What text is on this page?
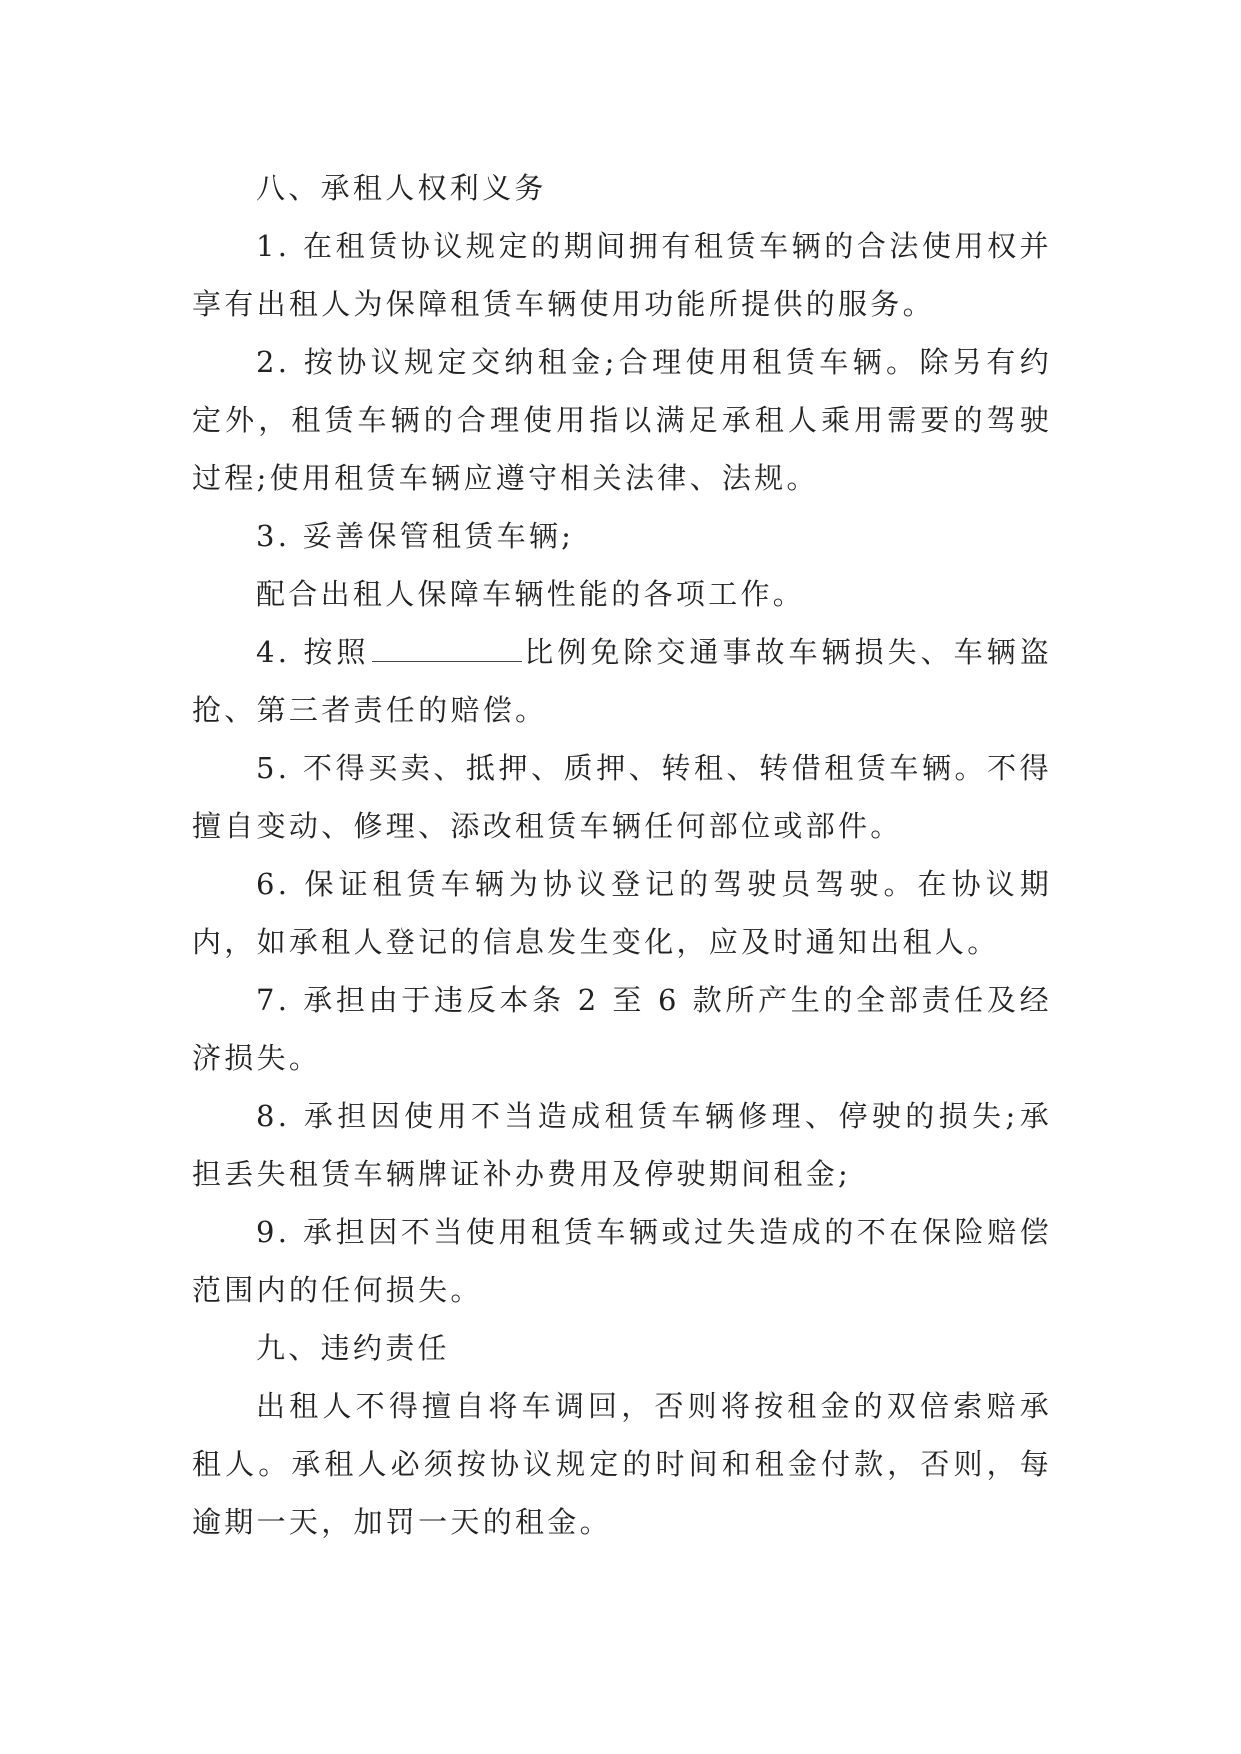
八、承租人权利义务

1. 在租赁协议规定的期间拥有租赁车辆的合法使用权并享有出租人为保障租赁车辆使用功能所提供的服务。

2. 按协议规定交纳租金;合理使用租赁车辆。除另有约定外，租赁车辆的合理使用指以满足承租人乘用需要的驾驶过程;使用租赁车辆应遵守相关法律、法规。

3. 妥善保管租赁车辆;

配合出租人保障车辆性能的各项工作。

4. 按照	比例免除交通事故车辆损失、车辆盗抢、第三者责任的赔偿。

5. 不得买卖、抵押、质押、转租、转借租赁车辆。不得擅自变动、修理、添改租赁车辆任何部位或部件。

6. 保证租赁车辆为协议登记的驾驶员驾驶。在协议期内，如承租人登记的信息发生变化，应及时通知出租人。

7. 承担由于违反本条 2 至 6 款所产生的全部责任及经济损失。

8. 承担因使用不当造成租赁车辆修理、停驶的损失;承担丢失租赁车辆牌证补办费用及停驶期间租金;

9. 承担因不当使用租赁车辆或过失造成的不在保险赔偿范围内的任何损失。

九、违约责任

出租人不得擅自将车调回，否则将按租金的双倍索赔承租人。承租人必须按协议规定的时间和租金付款，否则，每逾期一天，加罚一天的租金。
